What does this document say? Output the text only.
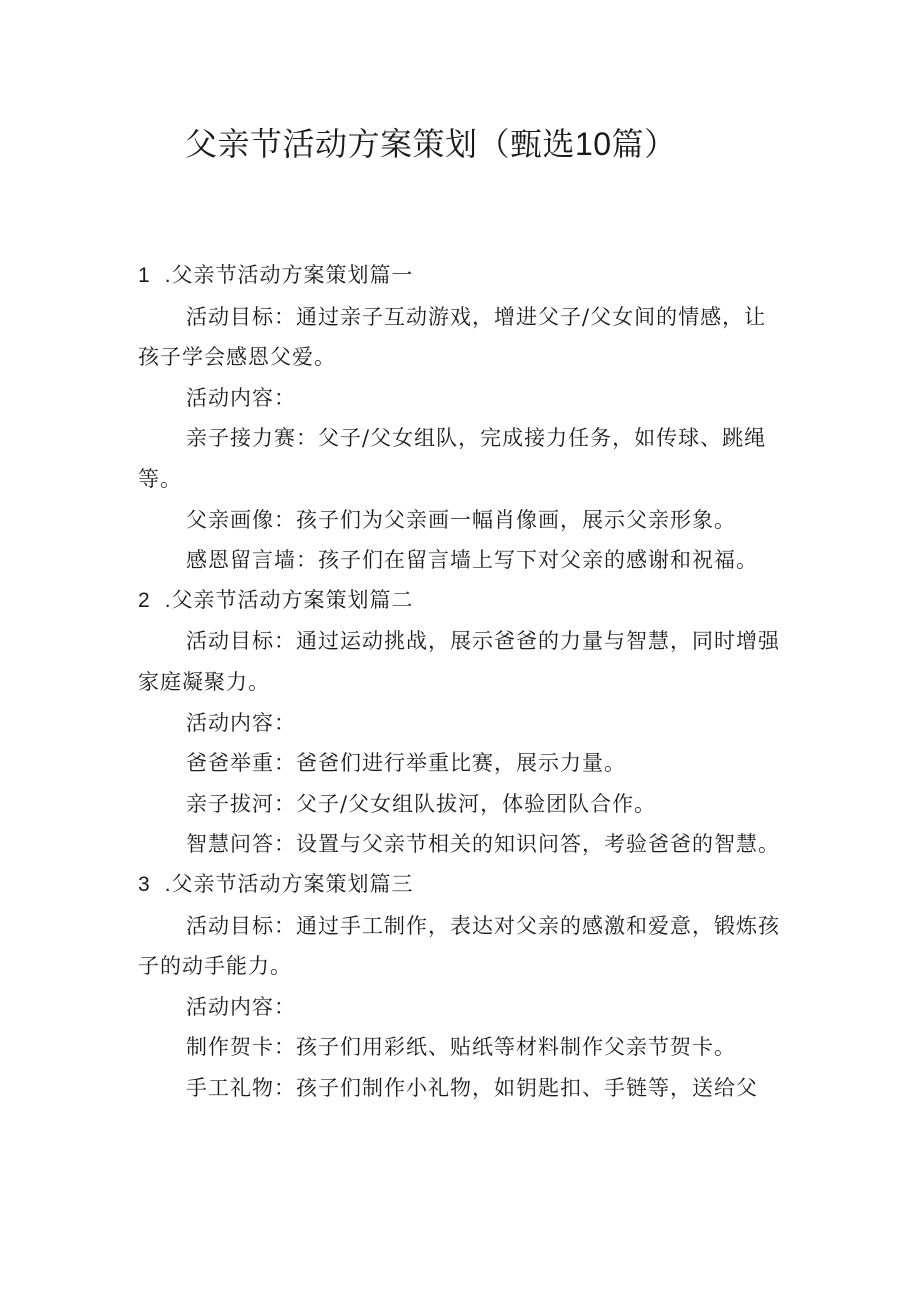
父亲节活动方案策划（甄选10篇）

1 .父亲节活动方案策划篇一

活动目标：通过亲子互动游戏，增进父子/父女间的情感，让孩子学会感恩父爱。

活动内容：

亲子接力赛：父子/父女组队，完成接力任务，如传球、跳绳等。

父亲画像：孩子们为父亲画一幅肖像画，展示父亲形象。

感恩留言墙：孩子们在留言墙上写下对父亲的感谢和祝福。

2 .父亲节活动方案策划篇二

活动目标：通过运动挑战，展示爸爸的力量与智慧，同时增强家庭凝聚力。

活动内容：

爸爸举重：爸爸们进行举重比赛，展示力量。

亲子拔河：父子/父女组队拔河，体验团队合作。

智慧问答：设置与父亲节相关的知识问答，考验爸爸的智慧。

3 .父亲节活动方案策划篇三

活动目标：通过手工制作，表达对父亲的感激和爱意，锻炼孩子的动手能力。

活动内容：

制作贺卡：孩子们用彩纸、贴纸等材料制作父亲节贺卡。

手工礼物：孩子们制作小礼物，如钥匙扣、手链等，送给父
